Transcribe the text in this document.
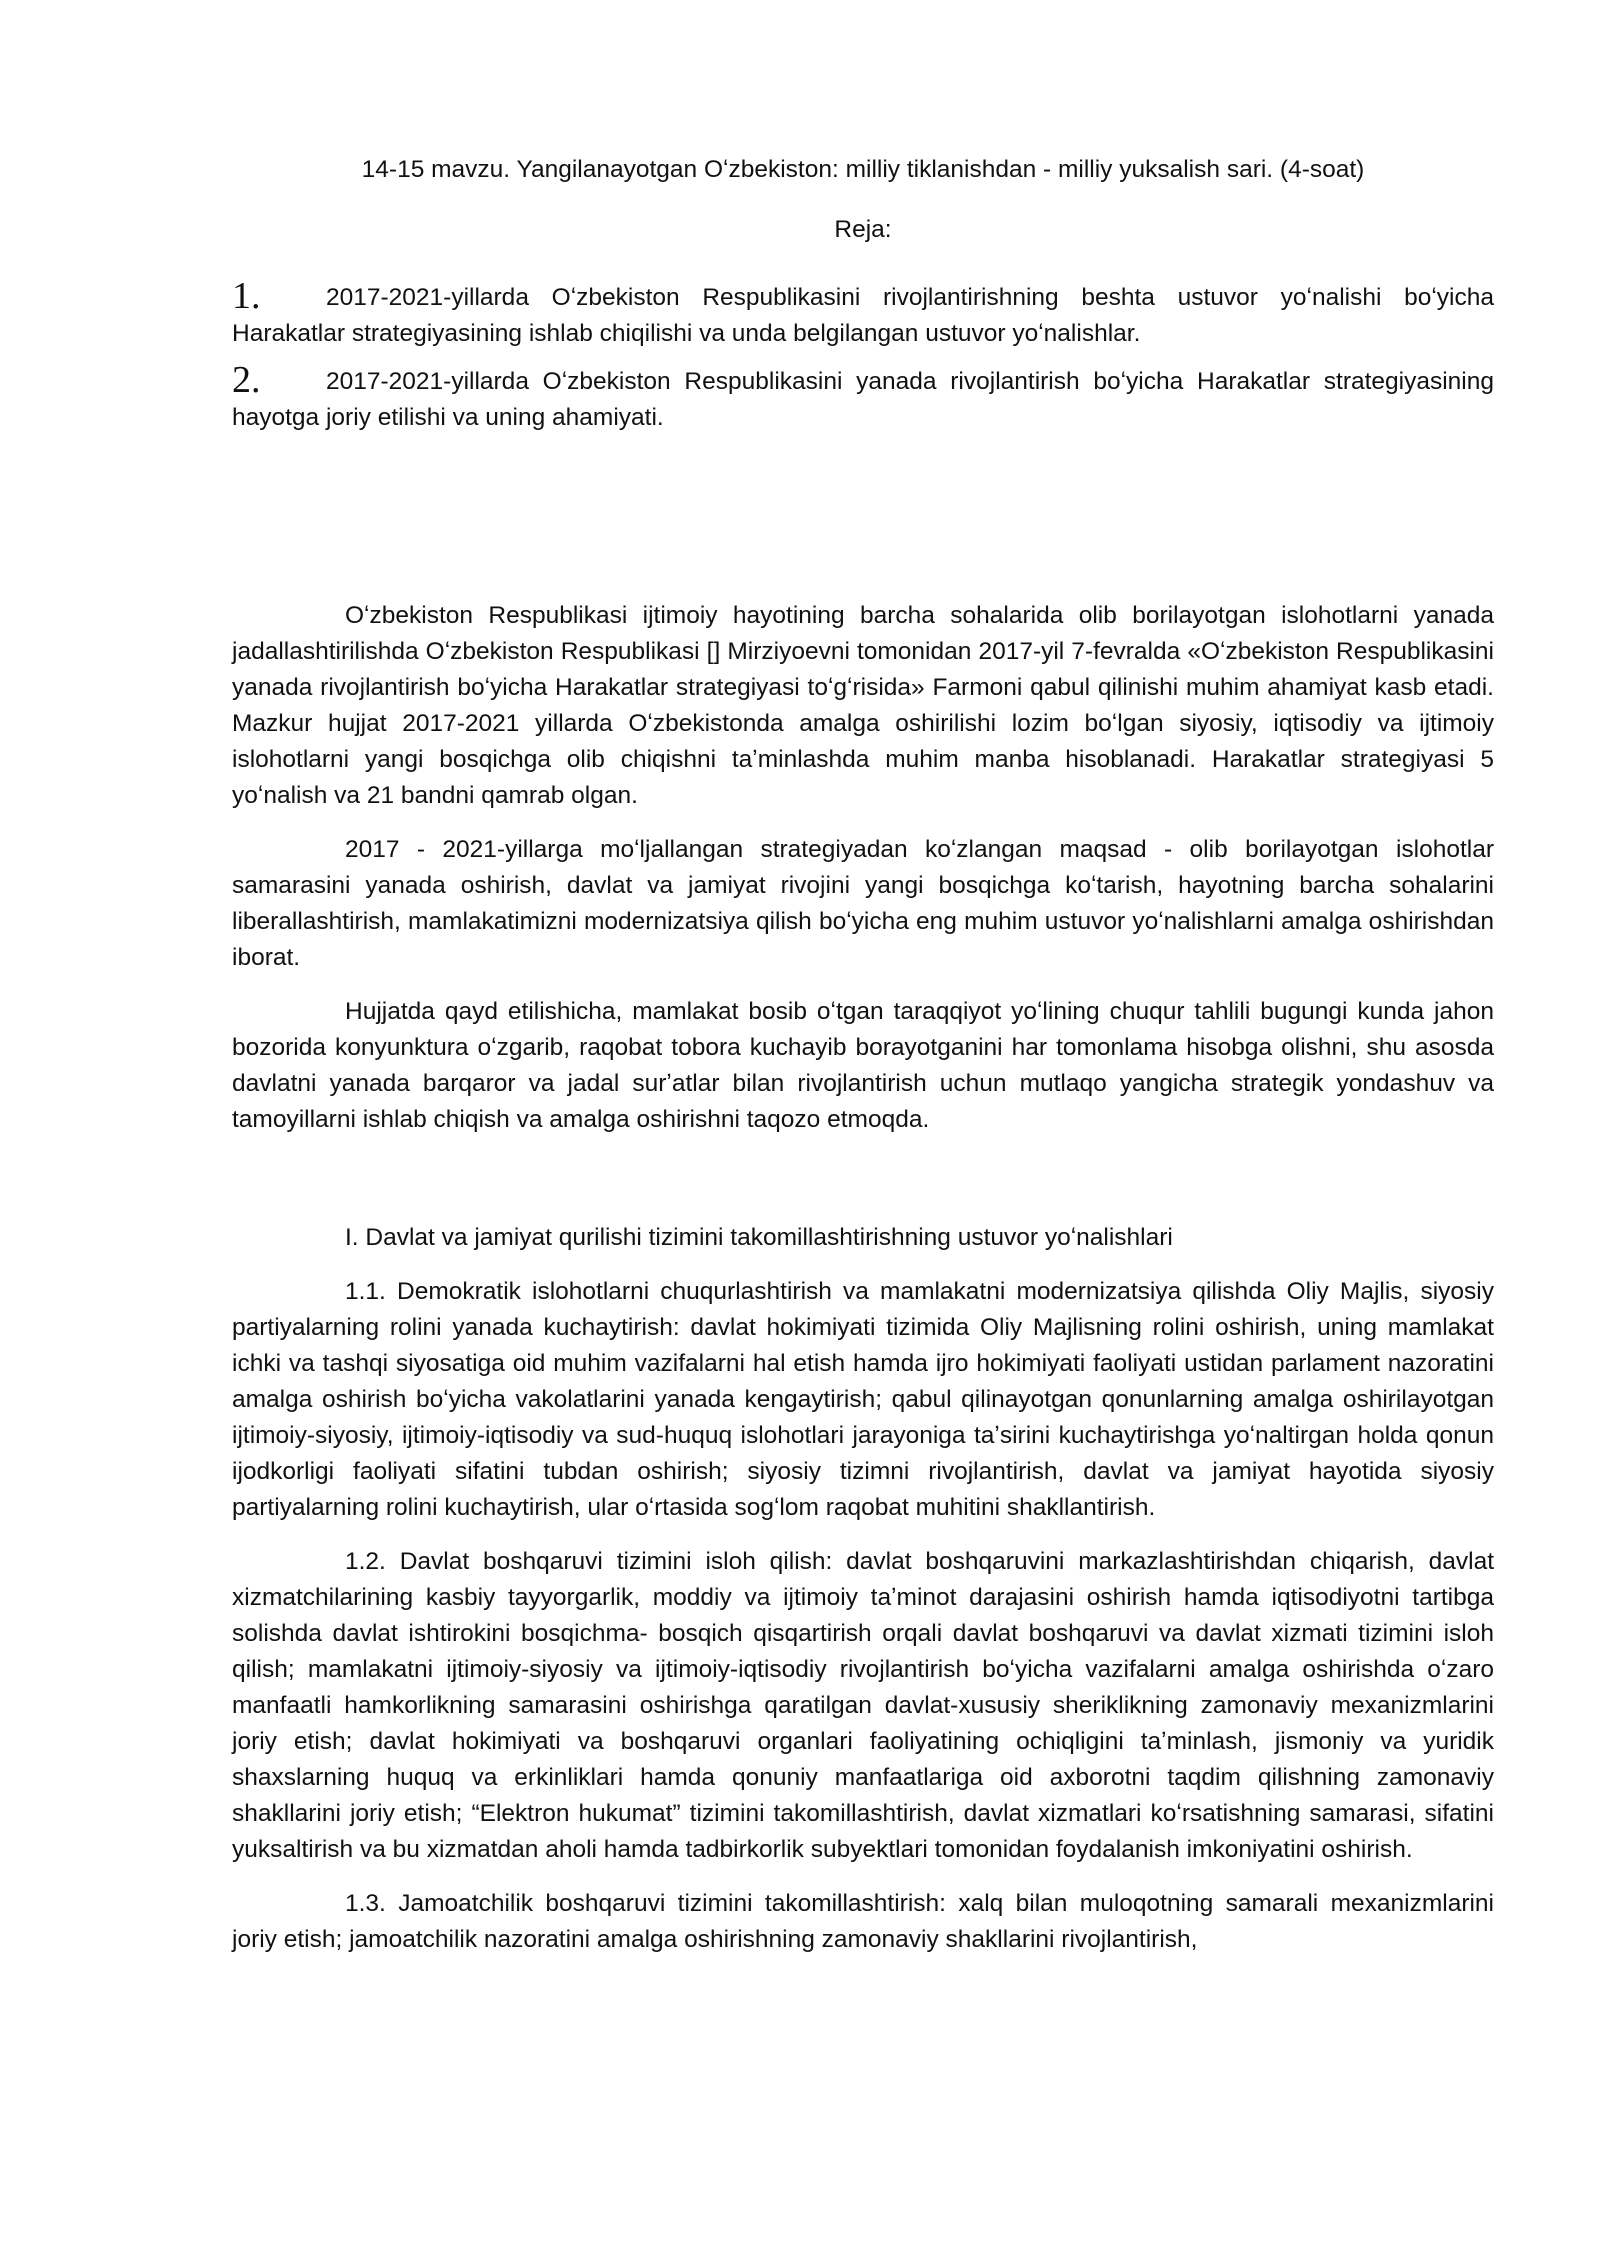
14-15 mavzu. Yangilanayotgan Oʻzbekiston: milliy tiklanishdan - milliy yuksalish sari. (4-soat)

Reja:

1.	2017-2021-yillarda Oʻzbekiston Respublikasini rivojlantirishning beshta ustuvor yoʻnalishi boʻyicha Harakatlar strategiyasining ishlab chiqilishi va unda belgilangan ustuvor yoʻnalishlar.

2.	2017-2021-yillarda Oʻzbekiston Respublikasini yanada rivojlantirish boʻyicha Harakatlar strategiyasining hayotga joriy etilishi va uning ahamiyati.

Oʻzbekiston Respublikasi ijtimoiy hayotining barcha sohalarida olib borilayotgan islohotlarni yanada jadallashtirilishda Oʻzbekiston Respublikasi [] Mirziyoevni tomonidan 2017-yil 7-fevralda «Oʻzbekiston Respublikasini yanada rivojlantirish boʻyicha Harakatlar strategiyasi toʻgʻrisida» Farmoni qabul qilinishi muhim ahamiyat kasb etadi. Mazkur hujjat 2017-2021 yillarda Oʻzbekistonda amalga oshirilishi lozim boʻlgan siyosiy, iqtisodiy va ijtimoiy islohotlarni yangi bosqichga olib chiqishni taʼminlashda muhim manba hisoblanadi. Harakatlar strategiyasi 5 yoʻnalish va 21 bandni qamrab olgan.

2017 - 2021-yillarga moʻljallangan strategiyadan koʻzlangan maqsad - olib borilayotgan islohotlar samarasini yanada oshirish, davlat va jamiyat rivojini yangi bosqichga koʻtarish, hayotning barcha sohalarini liberallashtirish, mamlakatimizni modernizatsiya qilish boʻyicha eng muhim ustuvor yoʻnalishlarni amalga oshirishdan iborat.

Hujjatda qayd etilishicha, mamlakat bosib oʻtgan taraqqiyot yoʻlining chuqur tahlili bugungi kunda jahon bozorida konyunktura oʻzgarib, raqobat tobora kuchayib borayotganini har tomonlama hisobga olishni, shu asosda davlatni yanada barqaror va jadal surʼatlar bilan rivojlantirish uchun mutlaqo yangicha strategik yondashuv va tamoyillarni ishlab chiqish va amalga oshirishni taqozo etmoqda.

I. Davlat va jamiyat qurilishi tizimini takomillashtirishning ustuvor yoʻnalishlari

1.1. Demokratik islohotlarni chuqurlashtirish va mamlakatni modernizatsiya qilishda Oliy Majlis, siyosiy partiyalarning rolini yanada kuchaytirish: davlat hokimiyati tizimida Oliy Majlisning rolini oshirish, uning mamlakat ichki va tashqi siyosatiga oid muhim vazifalarni hal etish hamda ijro hokimiyati faoliyati ustidan parlament nazoratini amalga oshirish boʻyicha vakolatlarini yanada kengaytirish; qabul qilinayotgan qonunlarning amalga oshirilayotgan ijtimoiy-siyosiy, ijtimoiy-iqtisodiy va sud-huquq islohotlari jarayoniga taʼsirini kuchaytirishga yoʻnaltirgan holda qonun ijodkorligi faoliyati sifatini tubdan oshirish; siyosiy tizimni rivojlantirish, davlat va jamiyat hayotida siyosiy partiyalarning rolini kuchaytirish, ular oʻrtasida sogʻlom raqobat muhitini shakllantirish.

1.2. Davlat boshqaruvi tizimini isloh qilish: davlat boshqaruvini markazlashtirishdan chiqarish, davlat xizmatchilarining kasbiy tayyorgarlik, moddiy va ijtimoiy taʼminot darajasini oshirish hamda iqtisodiyotni tartibga solishda davlat ishtirokini bosqichma- bosqich qisqartirish orqali davlat boshqaruvi va davlat xizmati tizimini isloh qilish; mamlakatni ijtimoiy-siyosiy va ijtimoiy-iqtisodiy rivojlantirish boʻyicha vazifalarni amalga oshirishda oʻzaro manfaatli hamkorlikning samarasini oshirishga qaratilgan davlat-xususiy sheriklikning zamonaviy mexanizmlarini joriy etish; davlat hokimiyati va boshqaruvi organlari faoliyatining ochiqligini taʼminlash, jismoniy va yuridik shaxslarning huquq va erkinliklari hamda qonuniy manfaatlariga oid axborotni taqdim qilishning zamonaviy shakllarini joriy etish; “Elektron hukumat” tizimini takomillashtirish, davlat xizmatlari koʻrsatishning samarasi, sifatini yuksaltirish va bu xizmatdan aholi hamda tadbirkorlik subyektlari tomonidan foydalanish imkoniyatini oshirish.

1.3. Jamoatchilik boshqaruvi tizimini takomillashtirish: xalq bilan muloqotning samarali mexanizmlarini joriy etish; jamoatchilik nazoratini amalga oshirishning zamonaviy shakllarini rivojlantirish,
